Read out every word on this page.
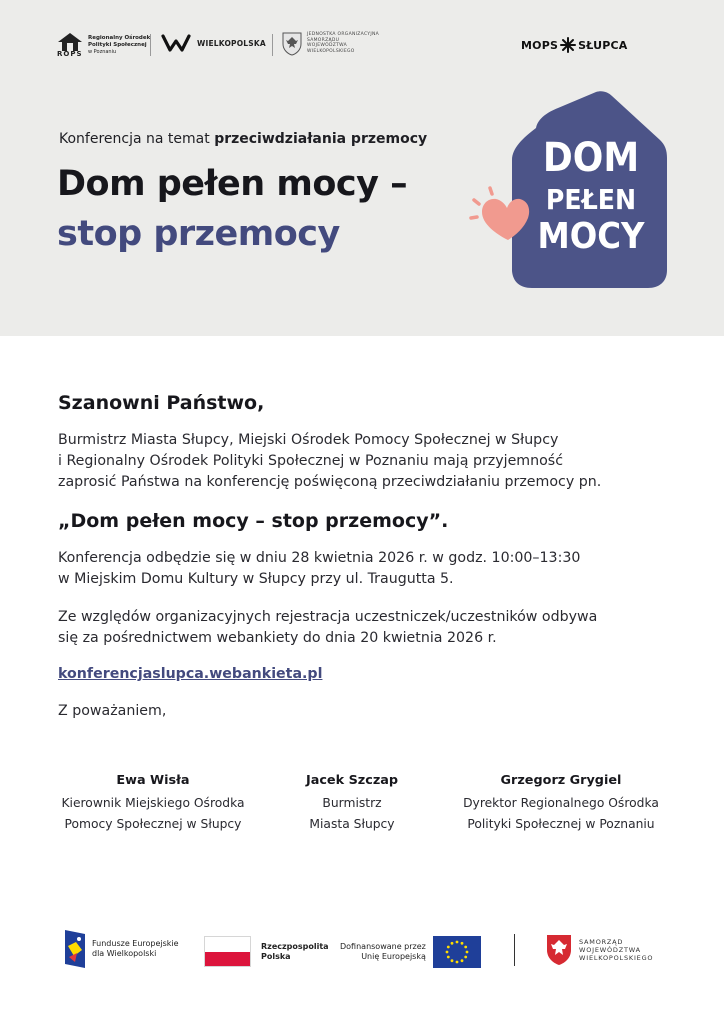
Regionalny Ośrodek
Polityki Społecznej
w Poznaniu
ROPS
WIELKOPOLSKA
JEDNOSTKA ORGANIZACYJNA
SAMORZĄDU
WOJEWÓDZTWA
WIELKOPOLSKIEGO	MOPS SŁUPCA
Konferencja na temat przeciwdziałania przemocy
Dom pełen mocy –
stop przemocy
DOM
PEŁEN
MOCY
Szanowni Państwo,
Burmistrz Miasta Słupcy, Miejski Ośrodek Pomocy Społecznej w Słupcy
i Regionalny Ośrodek Polityki Społecznej w Poznaniu mają przyjemność
zaprosić Państwa na konferencję poświęconą przeciwdziałaniu przemocy pn.
„Dom pełen mocy – stop przemocy”.
Konferencja odbędzie się w dniu 28 kwietnia 2026 r. w godz. 10:00–13:30
w Miejskim Domu Kultury w Słupcy przy ul. Traugutta 5.
Ze względów organizacyjnych rejestracja uczestniczek/uczestników odbywa
się za pośrednictwem webankiety do dnia 20 kwietnia 2026 r.
konferencjaslupca.webankieta.pl
Z poważaniem,
Ewa Wisła
Kierownik Miejskiego Ośrodka
Pomocy Społecznej w Słupcy
Jacek Szczap
Burmistrz
Miasta Słupcy
Grzegorz Grygiel
Dyrektor Regionalnego Ośrodka
Polityki Społecznej w Poznaniu
Fundusze Europejskie
dla Wielkopolski
Rzeczpospolita
Polska
Dofinansowane przez
Unię Europejską
SAMORZĄD
WOJEWÓDZTWA
WIELKOPOLSKIEGO
